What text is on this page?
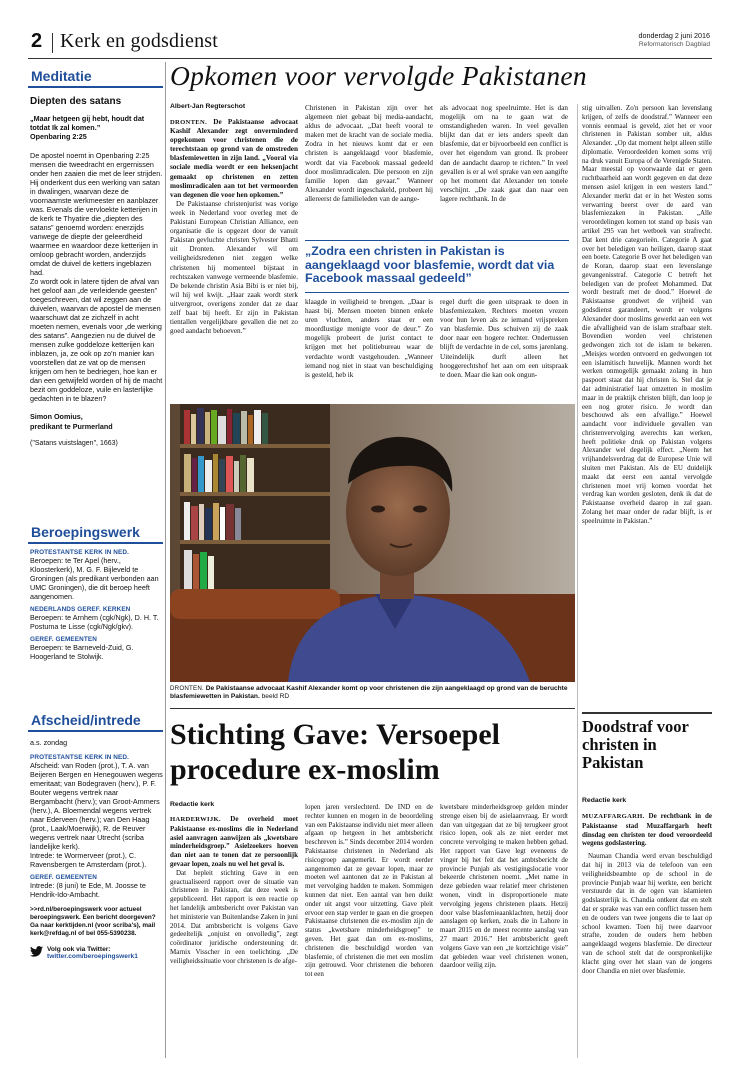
2 Kerk en godsdienst	donderdag 2 juni 2016
Reformatorisch Dagblad
Meditatie
Diepten des satans
„Maar hetgeen gij hebt, houdt dat totdat Ik zal komen.”
Openbaring 2:25
De apostel noemt in Openbaring 2:25 mensen die tweedracht en ergernissen onder hen zaaien die met de leer strijden. Hij onderkent dus een werking van satan in dwalingen, waarvan deze de voornaamste werkmeester en aanblazer was. Evenals die vervloekte ketterijen in de kerk te Thyatire die „diepten des satans” genoemd worden: enerzijds vanwege de diepte der geleerdheid waarmee en waardoor deze ketterijen in omloop gebracht worden, anderzijds omdat de duivel de ketters ingeblazen had.
Zo wordt ook in latere tijden de afval van het geloof aan „de verleidende geesten” toegeschreven, dat wil zeggen aan de duivelen, waarvan de apostel de mensen waarschuwt dat ze zichzelf in acht moeten nemen, evenals voor „de werking des satans”. Aangezien nu de duivel de mensen zulke goddeloze ketterijen kan inblazen, ja, ze ook op zo'n manier kan voorstellen dat ze vat op de mensen krijgen om hen te bedriegen, hoe kan er dan een getwijfeld worden of hij de macht bezit om goddeloze, vuile en lasterlijke gedachten in te blazen?
Simon Oomius,
predikant te Purmerland
("Satans vuistslagen", 1663)
Beroepingswerk
PROTESTANTSE KERK IN NED.
Beroepen: te Ter Apel (herv., Kloosterkerk), M. G. F. Bijleveld te Groningen (als predikant verbonden aan UMC Groningen), die dit beroep heeft aangenomen.
NEDERLANDS GEREF. KERKEN
Beroepen: te Arnhem (cgk/Ngk), D. H. T. Postuma te Lisse (cgk/Ngk/gkv).
GEREF. GEMEENTEN
Beroepen: te Barneveld-Zuid, G. Hoogerland te Stolwijk.
Afscheid/intrede
a.s. zondag
PROTESTANTSE KERK IN NED.
Afscheid: van Roden (prot.), T. A. van Beijeren Bergen en Henegouwen wegens emeritaat; van Bodegraven (herv.), P. F. Bouter wegens vertrek naar Bergambacht (herv.); van Groot-Ammers (herv.), A. Bloemendal wegens vertrek naar Ederveen (herv.); van Den Haag (prot., Laak/Moerwijk), R. de Reuver wegens vertrek naar Utrecht (scriba landelijke kerk).
Intrede: te Wormerveer (prot.), C. Ravensbergen te Amsterdam (prot.).
GEREF. GEMEENTEN
Intrede: (8 juni) te Ede, M. Joosse te Hendrik-Ido-Ambacht.
>>rd.nl/beroepingswerk voor actueel beroepingswerk. Een bericht doorgeven? Ga naar kerktijden.nl (voor scriba's), mail kerk@refdag.nl of bel 055-5390238.
Volg ook via Twitter:
twitter.com/beroepingswerk1
Opkomen voor vervolgde Pakistanen
Albert-Jan Regterschot

DRONTEN. De Pakistaanse advocaat Kashif Alexander zegt onverminderd opgekomen voor christenen die de terechtstaan op grond van de omstreden blasfemiewetten in zijn land. „Vooral via sociale media wordt er een heksenjacht gemaakt op christenen en zetten moslimradicalen aan tot het vermoorden van degenen die voor hen opkomen.”

De Pakistaanse christenjurist was vorige week in Nederland voor overleg met de Pakistani European Christian Alliance, een organisatie die is opgezet door de vanuit Pakistan gevluchte christen Sylvester Bhatti uit Dronten. Alexander wil om veiligheidsredenen niet zeggen welke christenen hij momenteel bijstaat in rechtszaken vanwege vermeende blasfemie. De bekende christin Asia Bibi is er niet bij, wil hij wel kwijt. „Haar zaak wordt sterk uitvergroot, overigens zonder dat ze daar zelf baat bij heeft. Er zijn in Pakistan tientallen vergelijkbare gevallen die net zo goed aandacht behoeven.”

Christenen in Pakistan zijn over het algemeen niet gebaat bij media-aandacht, aldus de advocaat. „Dat heeft vooral te maken met de kracht van de sociale media. Zodra in het nieuws komt dat er een christen is aangeklaagd voor blasfemie, wordt dat via Facebook massaal gedeeld door moslimradicalen. Die persoon en zijn familie lopen dan gevaar.” Wanneer Alexander wordt ingeschakeld, probeert hij allereerst de familieleden van de aange-

als advocaat nog speelruimte. Het is dan mogelijk om na te gaan wat de omstandigheden waren. In veel gevallen blijkt dan dat er iets anders speelt dan blasfemie, dat er bijvoorbeeld een conflict is over het eigendom van grond. Ik probeer dan de aandacht daarop te richten.” In veel gevallen is er al wel sprake van een aangifte op het moment dat Alexander ten tonele verschijnt. „De zaak gaat dan naar een lagere rechtbank. In de

„Zodra een christen in Pakistan is aangeklaagd voor blasfemie, wordt dat via Facebook massaal gedeeld”

klaagde in veiligheid te brengen. „Daar is haast bij. Mensen moeten binnen enkele uren vluchten, anders staat er een moordlustige menigte voor de deur.” Zo mogelijk probeert de jurist contact te krijgen met het politiebureau waar de verdachte wordt vastgehouden. „Wanneer iemand nog niet in staat van beschuldiging is gesteld, heb ik

regel durft die geen uitspraak te doen in blasfemiezaken. Rechters moeten vrezen voor hun leven als ze iemand vrijspreken van blasfemie. Dus schuiven zij de zaak door naar een hogere rechter. Ondertussen blijft de verdachte in de cel, soms jarenlang. Uiteindelijk durft alleen het hooggerechtshof het aan om een uitspraak te doen. Maar die kan ook ongun-

stig uitvallen. Zo'n persoon kan levenslang krijgen, of zelfs de doodstraf.” Wanneer een vonnis eenmaal is geveld, ziet het er voor christenen in Pakistan somber uit, aldus Alexander. „Op dat moment helpt alleen stille diplomatie. Veroordeelden komen soms vrij na druk vanuit Europa of de Verenigde Staten. Maar meestal op voorwaarde dat er geen ruchtbaarheid aan wordt gegeven en dat deze mensen asiel krijgen in een westers land.” Alexander merkt dat er in het Westen soms verwarring heerst over de aard van blasfemiezaken in Pakistan. „Alle veroordelingen komen tot stand op basis van artikel 295 van het wetboek van strafrecht. Dat kent drie categorieën. Categorie A gaat over het beledigen van heiligen, daarop staat een boete. Categorie B over het beledigen van de Koran, daarop staat een levenslange gevangenisstraf. Categorie C betreft het beledigen van de profeet Mohammed. Dat wordt bestraft met de dood.” Hoewel de Pakistaanse grondwet de vrijheid van godsdienst garandeert, wordt er volgens Alexander door moslims gewerkt aan een wet die afvalligheid van de islam strafbaar stelt. Bovendien worden veel christenen gedwongen zich tot de islam te bekeren. „Meisjes worden ontvoerd en gedwongen tot een islamitisch huwelijk. Mannen wordt het werken onmogelijk gemaakt zolang in hun paspoort staat dat hij christen is. Stel dat je dat administratief laat omzetten in moslim maar in de praktijk christen blijft, dan loop je een nog groter risico. Je wordt dan beschouwd als een afvallige.” Hoewel aandacht voor individuele gevallen van christenvervolging averechts kan werken, heeft politieke druk op Pakistan volgens Alexander wel degelijk effect. „Neem het vrijhandelsverdrag dat de Europese Unie wil sluiten met Pakistan. Als de EU duidelijk maakt dat eerst een aantal vervolgde christenen moet vrij komen voordat het verdrag kan worden gesloten, denk ik dat de Pakistaanse overheid daarop in zal gaan. Zolang het maar onder de radar blijft, is er speelruimte in Pakistan.”

DRONTEN. De Pakistaanse advocaat Kashif Alexander komt op voor christenen die zijn aangeklaagd op grond van de beruchte blasfemiewetten in Pakistan. beeld RD
Stichting Gave: Versoepel
procedure ex-moslim
Redactie kerk

HARDERWIJK. De overheid moet Pakistaanse ex-moslims die in Nederland asiel aanvragen aanwijzen als „kwetsbare minderheidsgroep.” Asielzoekers hoeven dan niet aan te tonen dat ze persoonlijk gevaar lopen, zoals nu wel het geval is.

Dat bepleit stichting Gave in een geactualiseerd rapport over de situatie van christenen in Pakistan, dat deze week is gepubliceerd. Het rapport is een reactie op het landelijk ambtsbericht over Pakistan van het ministerie van Buitenlandse Zaken in juni 2014. Dat ambtsbericht is volgens Gave gedeeltelijk „onjuist en onvolledig”, zegt coördinator juridische ondersteuning dr. Marnix Visscher in een toelichting. „De veiligheidssituatie voor christenen is de afge-

lopen jaren verslechterd. De IND en de rechter kunnen en mogen in de beoordeling van een Pakistaanse individu niet meer alleen afgaan op hetgeen in het ambtsbericht beschreven is.” Sinds december 2014 worden Pakistaanse christenen in Nederland als risicogroep aangemerkt. Er wordt eerder aangenomen dat ze gevaar lopen, maar ze moeten wel aantonen dat ze in Pakistan al met vervolging hadden te maken. Sommigen kunnen dat niet. Een aantal van hen duikt onder uit angst voor uitzetting. Gave pleit ervoor een stap verder te gaan en die groepen Pakistaanse christenen die ex-moslim zijn de status „kwetsbare minderheidsgroep” te geven. Het gaat dan om ex-moslims, christenen die beschuldigd worden van blasfemie, of christenen die met een moslim zijn getrouwd. Voor christenen die behoren tot een

kwetsbare minderheidsgroep gelden minder strenge eisen bij de asielaanvraag. Er wordt dan van uitgegaan dat ze bij terugkeer groot risico lopen, ook als ze niet eerder met concrete vervolging te maken hebben gehad. Het rapport van Gave legt eveneens de vinger bij het feit dat het ambtsbericht de provincie Punjab als vestigingslocatie voor bekeerde christenen noemt. „Met name in deze gebieden waar relatief meer christenen wonen, vindt in disproportionele mate vervolging jegens christenen plaats. Hetzij door valse blasfemieaanklachten, hetzij door aanslagen op kerken, zoals die in Lahore in maart 2015 en de meest recente aanslag van 27 maart 2016.” Het ambtsbericht geeft volgens Gave van een „te kortzichtige visie” dat gebieden waar veel christenen wonen, daardoor veilig zijn.

Doodstraf voor christen in Pakistan
Redactie kerk

MUZAFFARGARH. De rechtbank in de Pakistaanse stad Muzaffargarh heeft dinsdag een christen ter dood veroordeeld wegens godslastering.

Nauman Chandia werd ervan beschuldigd dat hij in 2013 via de telefoon van een veiligheidsbeambte op de school in de provincie Punjab waar hij werkte, een bericht verstuurde dat in de ogen van islamieten godslasterlijk is. Chandia ontkent dat en stelt dat er sprake was van een conflict tussen hem en de ouders van twee jongens die te laat op school kwamen. Toen hij twee daarvoor strafte, zouden de ouders hem hebben aangeklaagd wegens blasfemie. De directeur van de school stelt dat de oorspronkelijke klacht ging over het slaan van de jongens door Chandia en niet over blasfemie.
